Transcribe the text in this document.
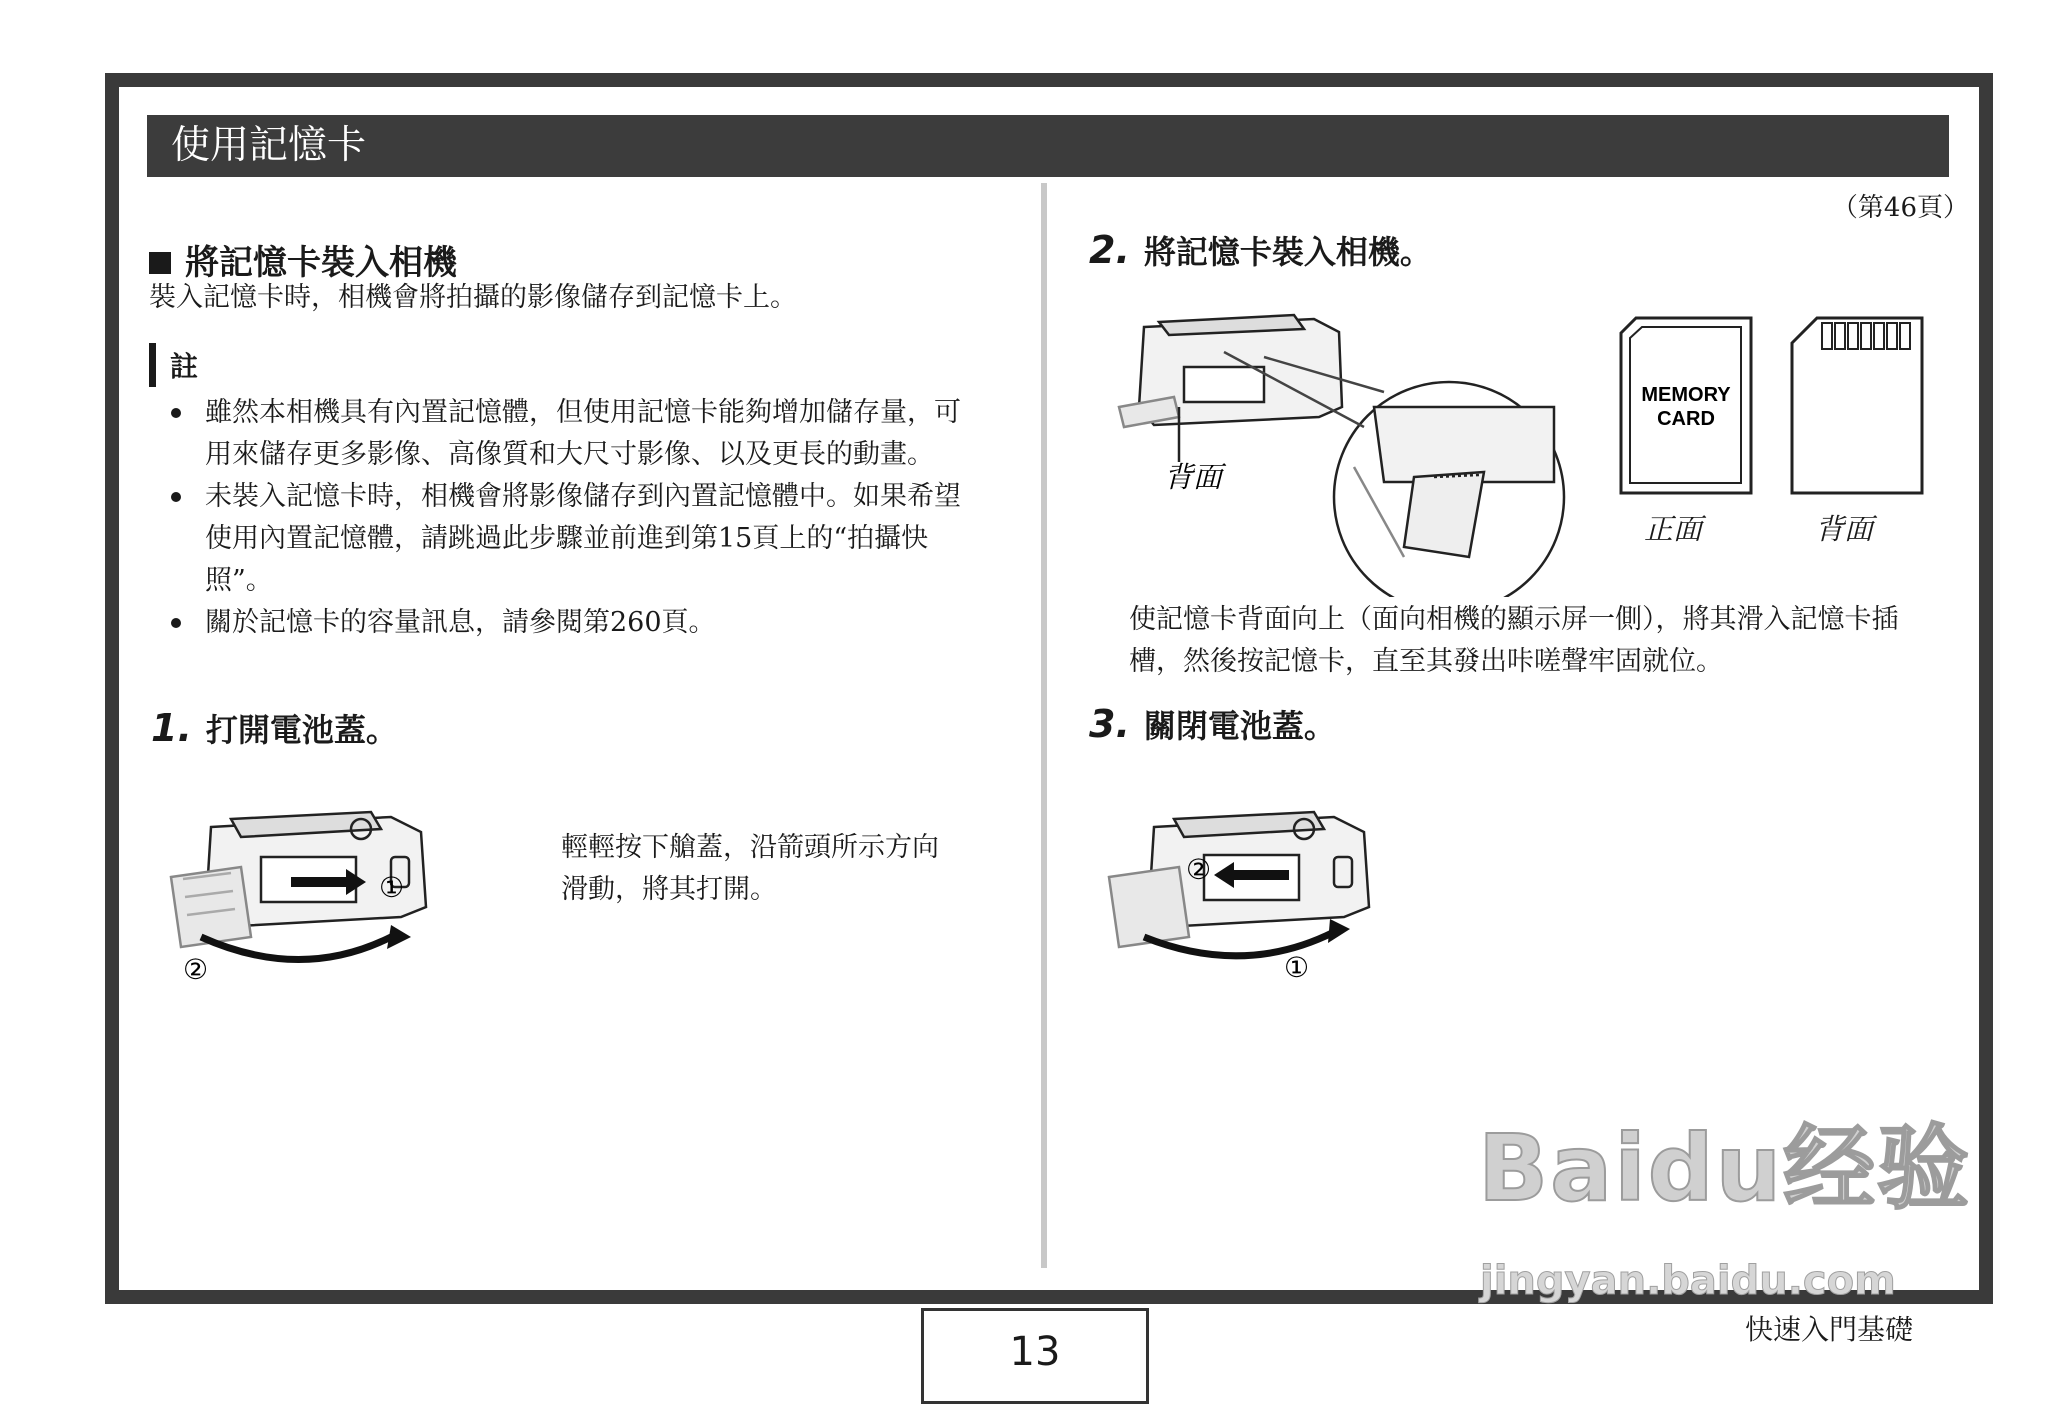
使用記憶卡
將記憶卡裝入相機
裝入記憶卡時，相機會將拍攝的影像儲存到記憶卡上。
註
雖然本相機具有內置記憶體，但使用記憶卡能夠增加儲存量，可用來儲存更多影像、高像質和大尺寸影像、以及更長的動畫。
未裝入記憶卡時，相機會將影像儲存到內置記憶體中。如果希望使用內置記憶體，請跳過此步驟並前進到第15頁上的“拍攝快照”。
關於記憶卡的容量訊息，請參閱第260頁。
1. 打開電池蓋。
①
②
輕輕按下艙蓋，沿箭頭所示方向滑動，將其打開。
（第46頁）
2. 將記憶卡裝入相機。
背面
MEMORY
CARD
正面	背面
使記憶卡背面向上（面向相機的顯示屏一側），將其滑入記憶卡插槽，然後按記憶卡，直至其發出咔嗟聲牢固就位。
3. 關閉電池蓋。
②
①
Baidu经验
jingyan.baidu.com
13	快速入門基礎
